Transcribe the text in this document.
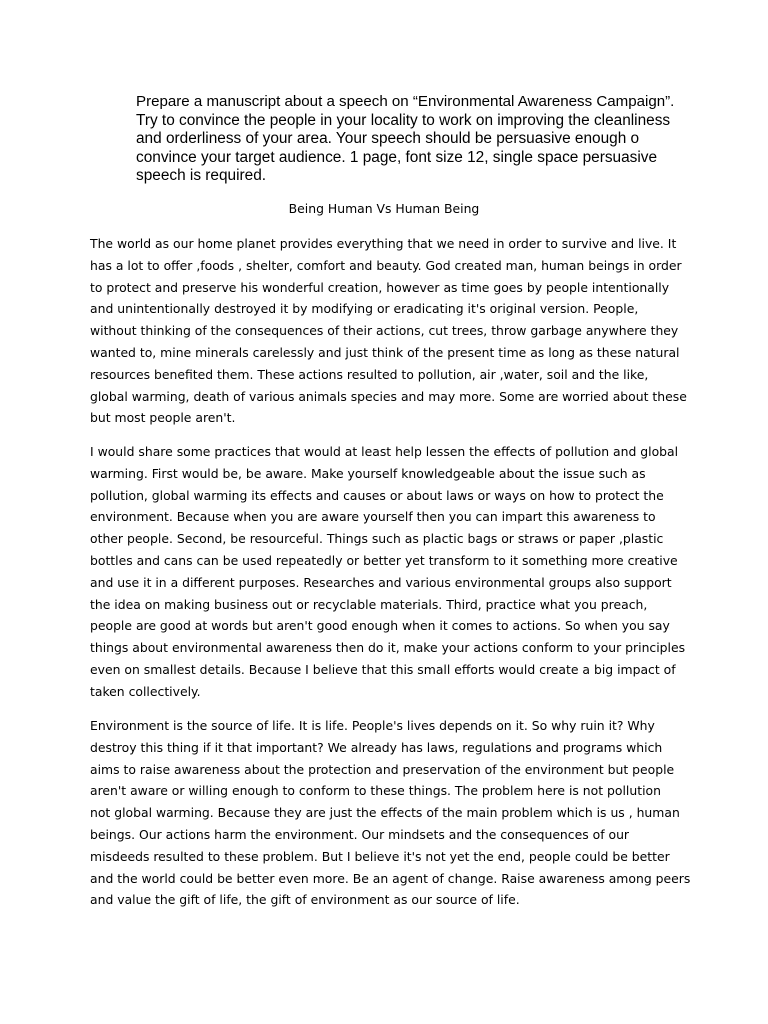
Prepare a manuscript about a speech on “Environmental Awareness Campaign”.
Try to convince the people in your locality to work on improving the cleanliness
and orderliness of your area. Your speech should be persuasive enough o
convince your target audience. 1 page, font size 12, single space persuasive
speech is required.
Being Human Vs Human Being
The world as our home planet provides everything that we need in order to survive and live. It
has a lot to offer ,foods , shelter, comfort and beauty. God created man, human beings in order
to protect and preserve his wonderful creation, however as time goes by people intentionally
and unintentionally destroyed it by modifying or eradicating it's original version. People,
without thinking of the consequences of their actions, cut trees, throw garbage anywhere they
wanted to, mine minerals carelessly and just think of the present time as long as these natural
resources benefited them. These actions resulted to pollution, air ,water, soil and the like,
global warming, death of various animals species and may more. Some are worried about these
but most people aren't.
I would share some practices that would at least help lessen the effects of pollution and global
warming. First would be, be aware. Make yourself knowledgeable about the issue such as
pollution, global warming its effects and causes or about laws or ways on how to protect the
environment. Because when you are aware yourself then you can impart this awareness to
other people. Second, be resourceful. Things such as plactic bags or straws or paper ,plastic
bottles and cans can be used repeatedly or better yet transform to it something more creative
and use it in a different purposes. Researches and various environmental groups also support
the idea on making business out or recyclable materials. Third, practice what you preach,
people are good at words but aren't good enough when it comes to actions. So when you say
things about environmental awareness then do it, make your actions conform to your principles
even on smallest details. Because I believe that this small efforts would create a big impact of
taken collectively.
Environment is the source of life. It is life. People's lives depends on it. So why ruin it? Why
destroy this thing if it that important? We already has laws, regulations and programs which
aims to raise awareness about the protection and preservation of the environment but people
aren't aware or willing enough to conform to these things. The problem here is not pollution
not global warming. Because they are just the effects of the main problem which is us , human
beings. Our actions harm the environment. Our mindsets and the consequences of our
misdeeds resulted to these problem. But I believe it's not yet the end, people could be better
and the world could be better even more. Be an agent of change. Raise awareness among peers
and value the gift of life, the gift of environment as our source of life.
